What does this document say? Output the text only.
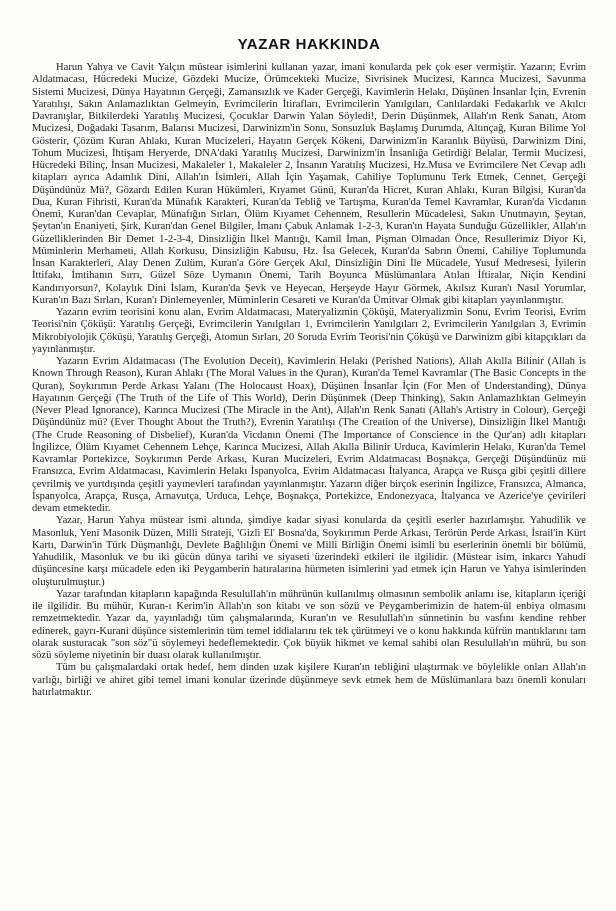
YAZAR HAKKINDA

Harun Yahya ve Cavit Yalçın müstear isimlerini kullanan yazar, imani konularda pek çok eser vermiştir. Yazarın; Evrim Aldatmacası, Hücredeki Mucize, Gözdeki Mucize, Örümcekteki Mucize, Sivrisinek Mucizesi, Karınca Mucizesi, Savunma Sistemi Mucizesi, Dünya Hayatının Gerçeği, Zamansızlık ve Kader Gerçeği, Kavimlerin Helakı, Düşünen İnsanlar İçin, Evrenin Yaratılışı, Sakın Anlamazlıktan Gelmeyin, Evrimcilerin İtirafları, Evrimcilerin Yanılgıları, Canlılardaki Fedakarlık ve Akılcı Davranışlar, Bitkilerdeki Yaratılış Mucizesi, Çocuklar Darwin Yalan Söyledi!, Derin Düşünmek, Allah'ın Renk Sanatı, Atom Mucizesi, Doğadaki Tasarım, Balarısı Mucizesi, Darwinizm'in Sonu, Sonsuzluk Başlamış Durumda, Altınçağ, Kuran Bilime Yol Gösterir, Çözüm Kuran Ahlakı, Kuran Mucizeleri, Hayatın Gerçek Kökeni, Darwinizm'in Karanlık Büyüsü, Darwinizm Dini, Tohum Mucizesi, İhtişam Heryerde, DNA'daki Yaratılış Mucizesi, Darwinizm'in İnsanlığa Getirdiği Belalar, Termit Mucizesi, Hücredeki Bilinç, İnsan Mucizesi, Makaleler 1, Makaleler 2, İnsanın Yaratılış Mucizesi, Hz.Musa ve Evrimcilere Net Cevap adlı kitapları ayrıca Adamlık Dini, Allah'ın İsimleri, Allah İçin Yaşamak, Cahiliye Toplumunu Terk Etmek, Cennet, Gerçeği Düşündünüz Mü?, Gözardı Edilen Kuran Hükümleri, Kıyamet Günü, Kuran'da Hicret, Kuran Ahlakı, Kuran Bilgisi, Kuran'da Dua, Kuran Fihristi, Kuran'da Münafık Karakteri, Kuran'da Tebliğ ve Tartışma, Kuran'da Temel Kavramlar, Kuran'da Vicdanın Önemi, Kuran'dan Cevaplar, Münafığın Sırları, Ölüm Kıyamet Cehennem, Resullerin Mücadelesi, Sakın Unutmayın, Şeytan, Şeytan'ın Enaniyeti, Şirk, Kuran'dan Genel Bilgiler, İmanı Çabuk Anlamak 1-2-3, Kuran'ın Hayata Sunduğu Güzellikler, Allah'ın Güzelliklerinden Bir Demet 1-2-3-4, Dinsizliğin İlkel Mantığı, Kamil İman, Pişman Olmadan Önce, Resullerimiz Diyor Ki, Müminlerin Merhameti, Allah Korkusu, Dinsizliğin Kabusu, Hz. İsa Gelecek, Kuran'da Sabrın Önemi, Cahiliye Toplumunda İnsan Karakterleri, Alay Denen Zulüm, Kuran'a Göre Gerçek Akıl, Dinsizliğin Dini İle Mücadele, Yusuf Medresesi, İyilerin İttifakı, İmtihanın Sırrı, Güzel Söze Uymanın Önemi, Tarih Boyunca Müslümanlara Atılan İftiralar, Niçin Kendini Kandırıyorsun?, Kolaylık Dini İslam, Kuran'da Şevk ve Heyecan, Herşeyde Hayır Görmek, Akılsız Kuran'ı Nasıl Yorumlar, Kuran'ın Bazı Sırları, Kuran'ı Dinlemeyenler, Müminlerin Cesareti ve Kuran'da Ümitvar Olmak gibi kitapları yayınlanmıştır.

Yazarın evrim teorisini konu alan, Evrim Aldatmacası, Materyalizmin Çöküşü, Materyalizmin Sonu, Evrim Teorisi, Evrim Teorisi'nin Çöküşü: Yaratılış Gerçeği, Evrimcilerin Yanılgıları 1, Evrimcilerin Yanılgıları 2, Evrimcilerin Yanılgıları 3, Evrimin Mikrobiyolojik Çöküşü, Yaratılış Gerçeği, Atomun Sırları, 20 Soruda Evrim Teorisi'nin Çöküşü ve Darwinizm gibi kitapçıkları da yayınlanmıştır.

Yazarın Evrim Aldatmacası (The Evolution Deceit), Kavimlerin Helakı (Perished Nations), Allah Akılla Bilinir (Allah is Known Through Reason), Kuran Ahlakı (The Moral Values in the Quran), Kuran'da Temel Kavramlar (The Basic Concepts in the Quran), Soykırımın Perde Arkası Yalanı (The Holocaust Hoax), Düşünen İnsanlar İçin (For Men of Understanding), Dünya Hayatının Gerçeği (The Truth of the Life of This World), Derin Düşünmek (Deep Thinking), Sakın Anlamazlıktan Gelmeyin (Never Plead Ignorance), Karınca Mucizesi (The Miracle in the Ant), Allah'ın Renk Sanatı (Allah's Artistry in Colour), Gerçeği Düşündünüz mü? (Ever Thought About the Truth?), Evrenin Yaratılışı (The Creation of the Universe), Dinsizliğin İlkel Mantığı (The Crude Reasoning of Disbelief), Kuran'da Vicdanın Önemi (The Importance of Conscience in the Qur'an) adlı kitapları İngilizce, Ölüm Kıyamet Cehennem Lehçe, Karınca Mucizesi, Allah Akılla Bilinir Urduca, Kavimlerin Helakı, Kuran'da Temel Kavramlar Portekizce, Soykırımın Perde Arkası, Kuran Mucizeleri, Evrim Aldatmacası Boşnakça, Gerçeği Düşündünüz mü Fransızca, Evrim Aldatmacası, Kavimlerin Helakı İspanyolca, Evrim Aldatmacası İtalyanca, Arapça ve Rusça gibi çeşitli dillere çevrilmiş ve yurtdışında çeşitli yayınevleri tarafından yayınlanmıştır. Yazarın diğer birçok eserinin İngilizce, Fransızca, Almanca, İspanyolca, Arapça, Rusça, Arnavutça, Urduca, Lehçe, Boşnakça, Portekizce, Endonezyaca, İtalyanca ve Azerice'ye çevirileri devam etmektedir.

Yazar, Harun Yahya müstear ismi altında, şimdiye kadar siyasi konularda da çeşitli eserler hazırlamıştır. Yahudilik ve Masonluk, Yeni Masonik Düzen, Milli Strateji, 'Gizli El' Bosna'da, Soykırımın Perde Arkası, Terörün Perde Arkası, İsrail'in Kürt Kartı, Darwin'in Türk Düşmanlığı, Devlete Bağlılığın Önemi ve Milli Birliğin Önemi isimli bu eserlerinin önemli bir bölümü, Yahudilik, Masonluk ve bu iki gücün dünya tarihi ve siyaseti üzerindeki etkileri ile ilgilidir. (Müstear isim, inkarcı Yahudi düşüncesine karşı mücadele eden iki Peygamberin hatıralarına hürmeten isimlerini yad etmek için Harun ve Yahya isimlerinden oluşturulmuştur.)

Yazar tarafından kitapların kapağında Resulullah'ın mührünün kullanılmış olmasının sembolik anlamı ise, kitapların içeriği ile ilgilidir. Bu mühür, Kuran-ı Kerim'in Allah'ın son kitabı ve son sözü ve Peygamberimizin de hatem-ül enbiya olmasını remzetmektedir. Yazar da, yayınladığı tüm çalışmalarında, Kuran'ın ve Resulullah'ın sünnetinin bu vasfını kendine rehber edinerek, gayrı-Kurani düşünce sistemlerinin tüm temel iddialarını tek tek çürütmeyi ve o konu hakkında küfrün mantıklarını tam olarak susturacak "son söz"ü söylemeyi hedeflemektedir. Çok büyük hikmet ve kemal sahibi olan Resulullah'ın mührü, bu son sözü söyleme niyetinin bir duası olarak kullanılmıştır.

Tüm bu çalışmalardaki ortak hedef, hem dinden uzak kişilere Kuran'ın tebliğini ulaştırmak ve böylelikle onları Allah'ın varlığı, birliği ve ahiret gibi temel imani konular üzerinde düşünmeye sevk etmek hem de Müslümanlara bazı önemli konuları hatırlatmaktır.
